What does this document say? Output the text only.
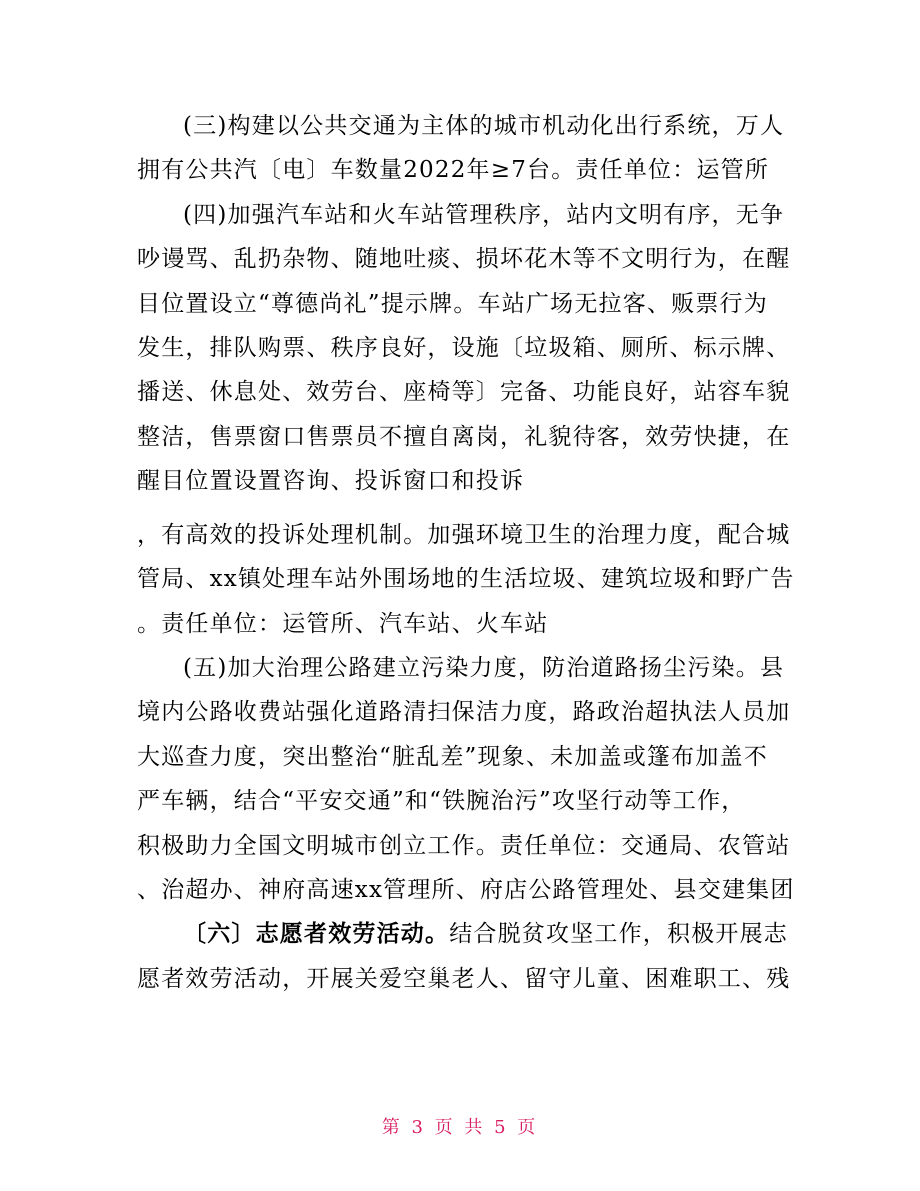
(三)构建以公共交通为主体的城市机动化出行系统，万人
拥有公共汽〔电〕车数量2022年≥7台。责任单位：运管所
(四)加强汽车站和火车站管理秩序，站内文明有序，无争
吵谩骂、乱扔杂物、随地吐痰、损坏花木等不文明行为，在醒
目位置设立“尊德尚礼”提示牌。车站广场无拉客、贩票行为
发生，排队购票、秩序良好，设施〔垃圾箱、厕所、标示牌、
播送、休息处、效劳台、座椅等〕完备、功能良好，站容车貌
整洁，售票窗口售票员不擅自离岗，礼貌待客，效劳快捷，在
醒目位置设置咨询、投诉窗口和投诉
，有高效的投诉处理机制。加强环境卫生的治理力度，配合城
管局、xx镇处理车站外围场地的生活垃圾、建筑垃圾和野广告
。责任单位：运管所、汽车站、火车站
(五)加大治理公路建立污染力度，防治道路扬尘污染。县
境内公路收费站强化道路清扫保洁力度，路政治超执法人员加
大巡查力度，突出整治“脏乱差”现象、未加盖或篷布加盖不
严车辆，结合“平安交通”和“铁腕治污”攻坚行动等工作，
积极助力全国文明城市创立工作。责任单位：交通局、农管站
、治超办、神府高速xx管理所、府店公路管理处、县交建集团
〔六〕志愿者效劳活动。结合脱贫攻坚工作，积极开展志
愿者效劳活动，开展关爱空巢老人、留守儿童、困难职工、残
第 3 页 共 5 页
